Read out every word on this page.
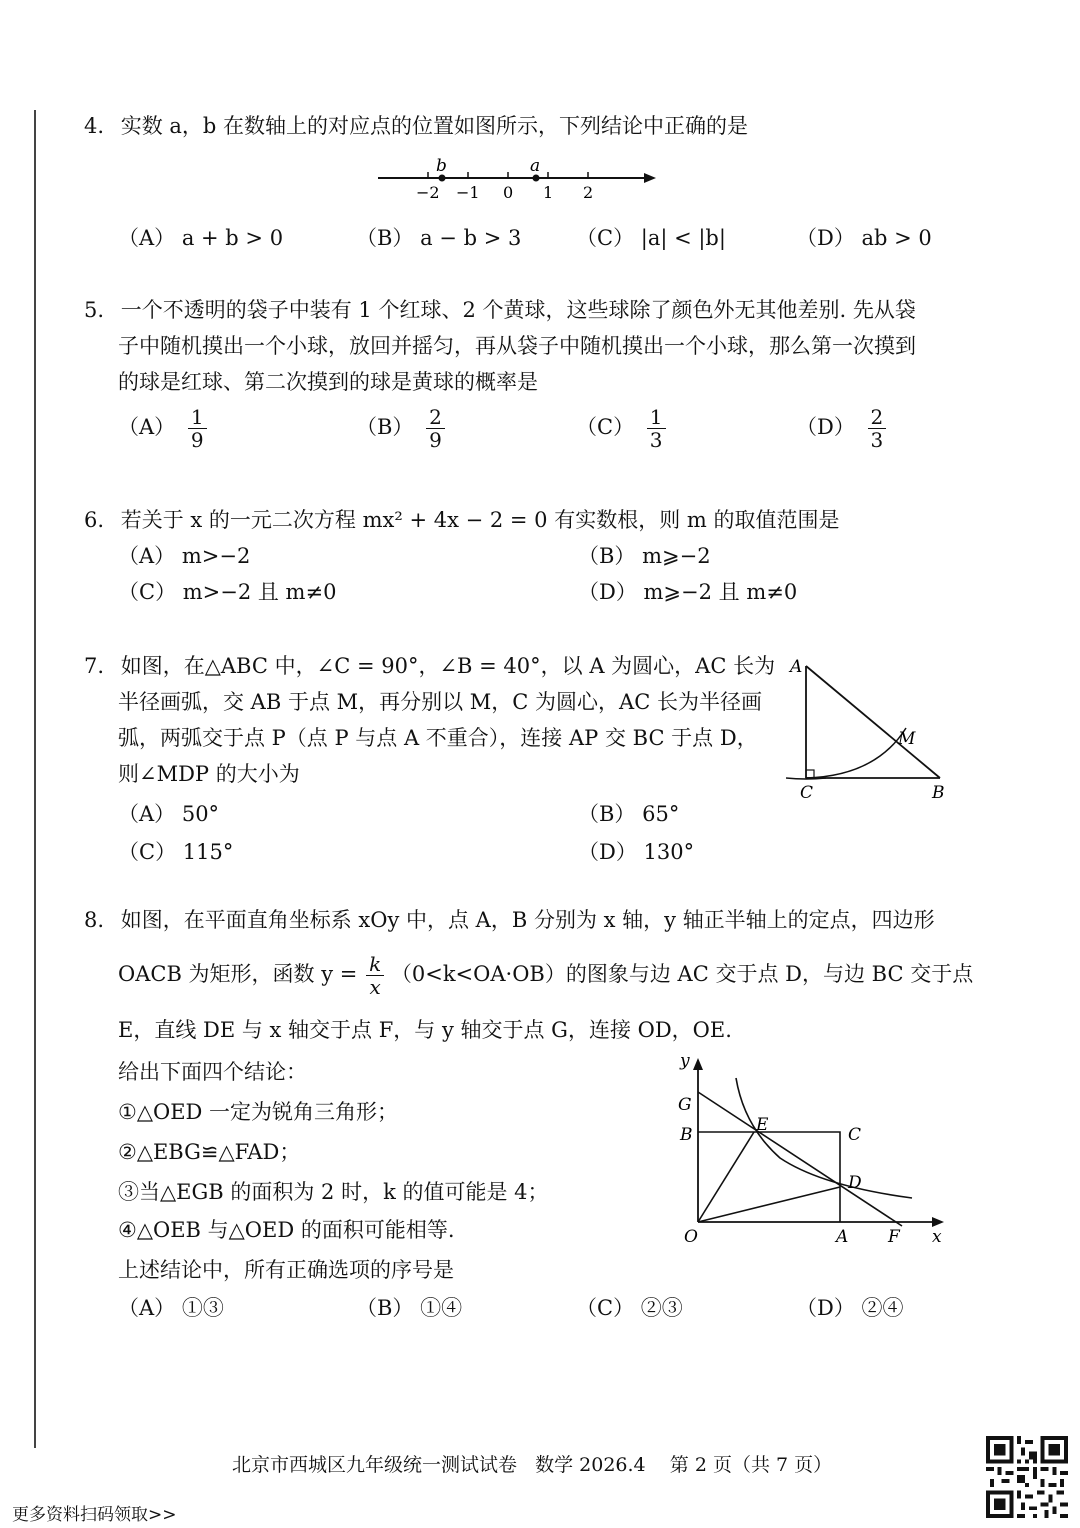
4. 实数 a，b 在数轴上的对应点的位置如图所示，下列结论中正确的是
b	a
−2 −1 0 1 2
（A） a + b > 0	（B） a − b > 3	（C） |a| < |b|	（D） ab > 0
5. 一个不透明的袋子中装有 1 个红球、2 个黄球，这些球除了颜色外无其他差别. 先从袋
子中随机摸出一个小球，放回并摇匀，再从袋子中随机摸出一个小球，那么第一次摸到
的球是红球、第二次摸到的球是黄球的概率是
$(A) \frac{1}{9}$	$(B) \frac{2}{9}$	$(C) \frac{1}{3}$	$(D) \frac{2}{3}$
6. 若关于 x 的一元二次方程 mx² + 4x − 2 = 0 有实数根，则 m 的取值范围是
（A） m>−2	（B） m⩾−2
（C） m>−2 且 m≠0	（D） m⩾−2 且 m≠0
7. 如图，在△ABC 中，∠C = 90°，∠B = 40°，以 A 为圆心，AC 长为
半径画弧，交 AB 于点 M，再分别以 M，C 为圆心，AC 长为半径画
弧，两弧交于点 P（点 P 与点 A 不重合），连接 AP 交 BC 于点 D，
则∠MDP 的大小为
A
M
C	B
（A） 50°	（B） 65°
（C） 115°	（D） 130°
8. 如图，在平面直角坐标系 xOy 中，点 A，B 分别为 x 轴，y 轴正半轴上的定点，四边形
OACB 为矩形，函数 $y = \frac{k}{x} (0<k<OA\cdot OB)$的图象与边 AC 交于点 D，与边 BC 交于点
E，直线 DE 与 x 轴交于点 F，与 y 轴交于点 G，连接 OD，OE.
给出下面四个结论：
①△OED 一定为锐角三角形；
②△EBG≌△FAD；
③当△EGB 的面积为 2 时，k 的值可能是 4；
④△OEB 与△OED 的面积可能相等.
上述结论中，所有正确选项的序号是
y
G
B	E	C
D
O	A F x
（A） ①③	（B） ①④	（C） ②③	（D） ②④
北京市西城区九年级统一测试试卷   数学 2026.4    第 2 页（共 7 页）
更多资料扫码领取>>
